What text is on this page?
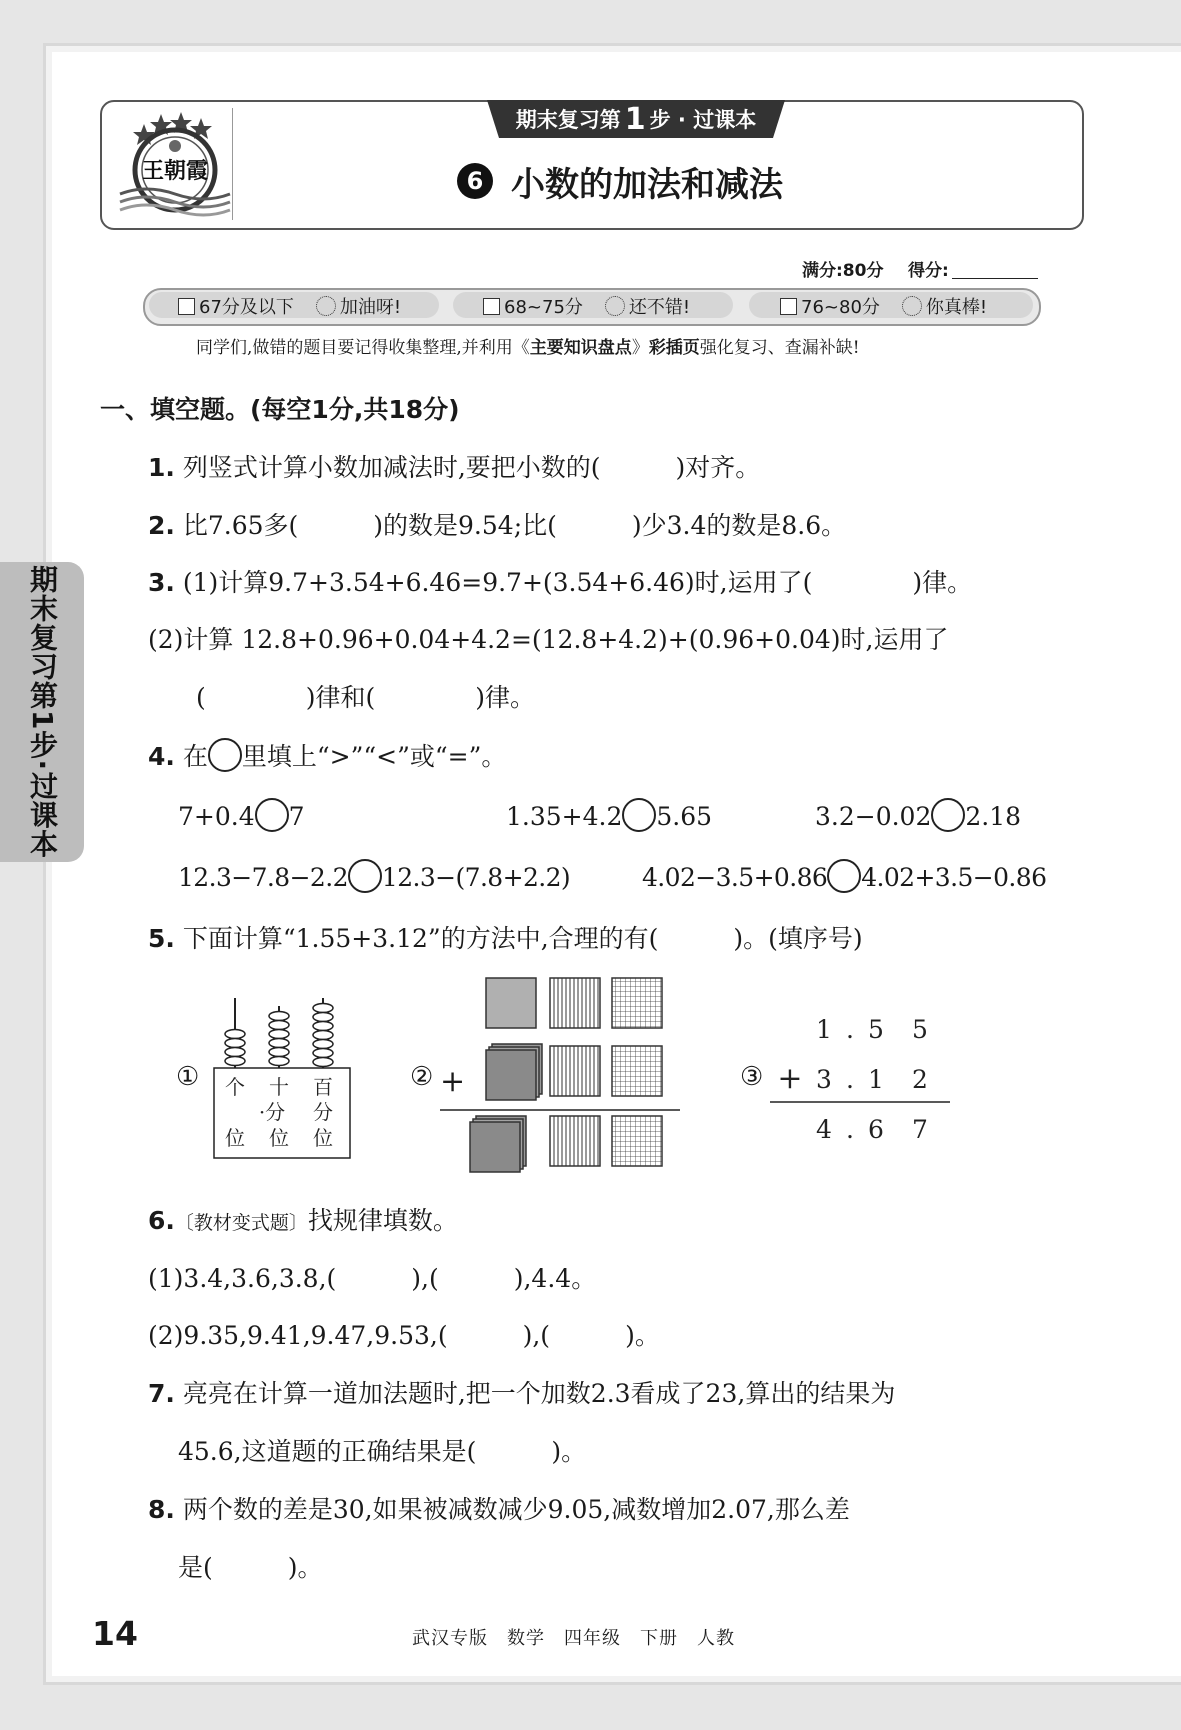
期末复习第1步·过课本
王朝霞
期末复习第 1 步 · 过课本
6 小数的加法和减法
满分:80分 得分:
67分及以下	加油呀!	68~75分	还不错!	76~80分	你真棒!
同学们,做错的题目要记得收集整理,并利用《主要知识盘点》彩插页强化复习、查漏补缺!
一、填空题。(每空1分,共18分)
1. 列竖式计算小数加减法时,要把小数的(　　　)对齐。
2. 比7.65多(　　　)的数是9.54;比(　　　)少3.4的数是8.6。
3. (1)计算9.7+3.54+6.46=9.7+(3.54+6.46)时,运用了(　　　　)律。
(2)计算 12.8+0.96+0.04+4.2=(12.8+4.2)+(0.96+0.04)时,运用了
(　　　　)律和(　　　　)律。
4. 在 里填上“>”“<”或“=”。
7+0.4 7	1.35+4.2 5.65	3.2−0.02 2.18
12.3−7.8−2.2 12.3−(7.8+2.2)	4.02−3.5+0.86 4.02+3.5−0.86
5. 下面计算“1.55+3.12”的方法中,合理的有(　　　)。(填序号)
① 个 十 百
·分 分
位 位 位
② +	③
1 . 5 5
+ 3 . 1 2
4 . 6 7
6.〔教材变式题〕找规律填数。
(1)3.4,3.6,3.8,(　　　),(　　　),4.4。
(2)9.35,9.41,9.47,9.53,(　　　),(　　　)。
7. 亮亮在计算一道加法题时,把一个加数2.3看成了23,算出的结果为
45.6,这道题的正确结果是(　　　)。
8. 两个数的差是30,如果被减数减少9.05,减数增加2.07,那么差
是(　　　)。
14	武汉专版　数学　四年级　下册　人教
